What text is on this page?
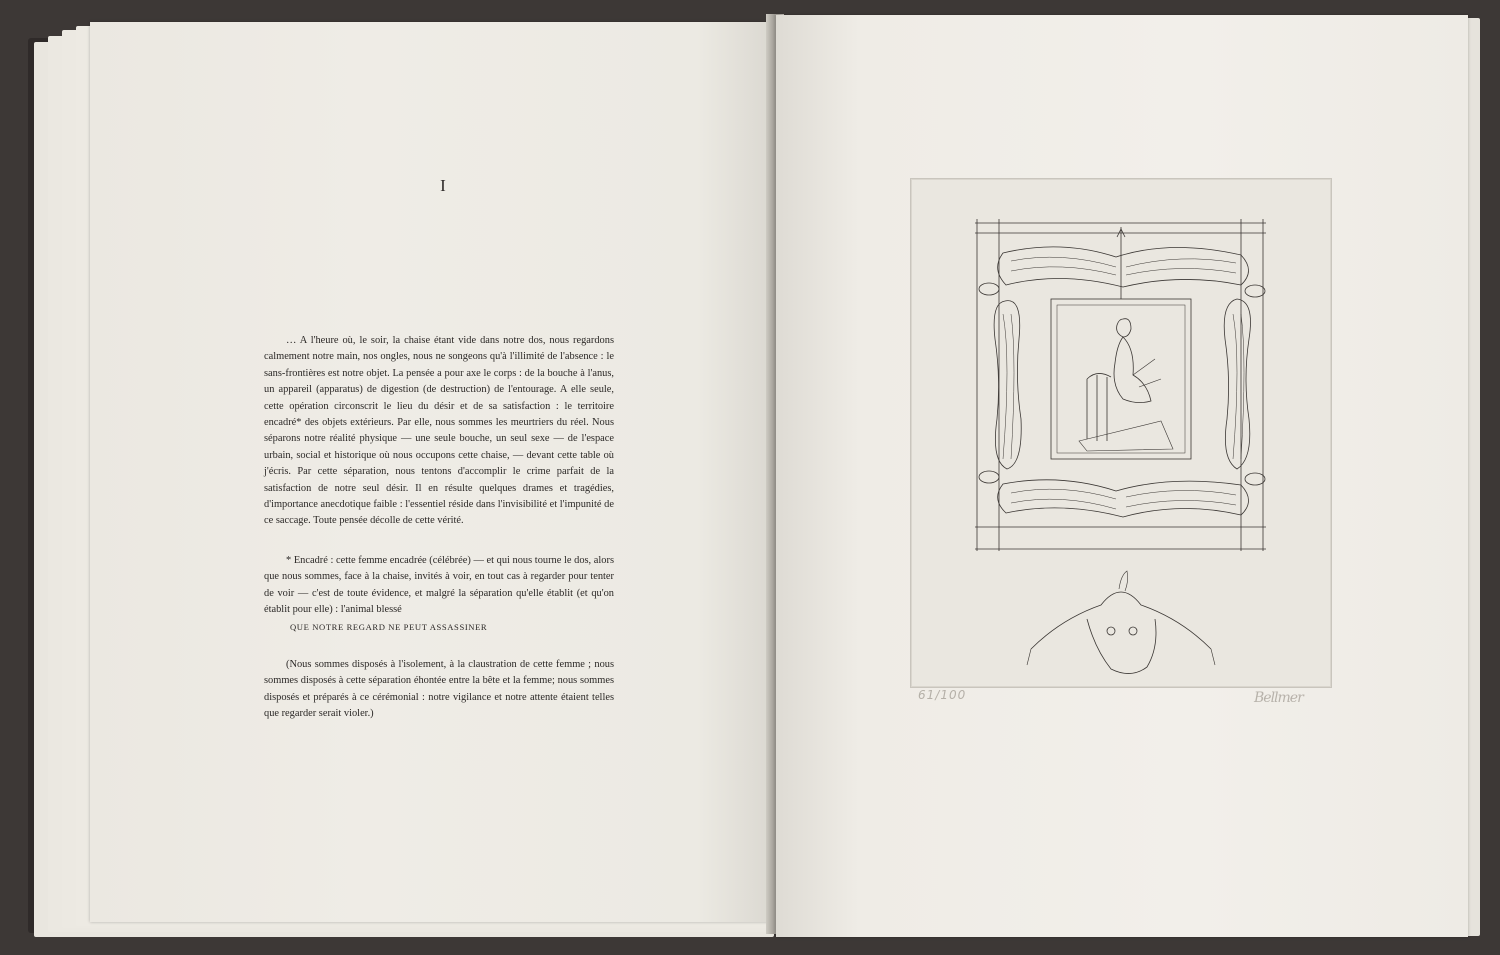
I

… A l'heure où, le soir, la chaise étant vide dans notre dos, nous regardons calmement notre main, nos ongles, nous ne songeons qu'à l'illimité de l'absence : le sans-frontières est notre objet. La pensée a pour axe le corps : de la bouche à l'anus, un appareil (apparatus) de digestion (de destruction) de l'entourage. A elle seule, cette opération circonscrit le lieu du désir et de sa satisfaction : le territoire encadré* des objets extérieurs. Par elle, nous sommes les meurtriers du réel. Nous séparons notre réalité physique — une seule bouche, un seul sexe — de l'espace urbain, social et historique où nous occupons cette chaise, — devant cette table où j'écris. Par cette séparation, nous tentons d'accomplir le crime parfait de la satisfaction de notre seul désir. Il en résulte quelques drames et tragédies, d'importance anecdotique faible : l'essentiel réside dans l'invisibilité et l'impunité de ce saccage. Toute pensée décolle de cette vérité.

* Encadré : cette femme encadrée (célébrée) — et qui nous tourne le dos, alors que nous sommes, face à la chaise, invités à voir, en tout cas à regarder pour tenter de voir — c'est de toute évidence, et malgré la séparation qu'elle établit (et qu'on établit pour elle) : l'animal blessé

QUE NOTRE REGARD NE PEUT ASSASSINER

(Nous sommes disposés à l'isolement, à la claustration de cette femme ; nous sommes disposés à cette séparation éhontée entre la bête et la femme; nous sommes disposés et préparés à ce cérémonial : notre vigilance et notre attente étaient telles que regarder serait violer.)

61/100	Bellmer
